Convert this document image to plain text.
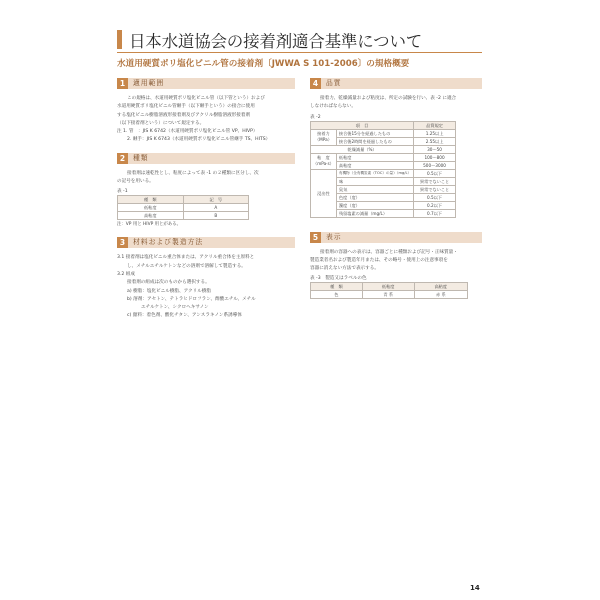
日本水道協会の接着剤適合基準について
水道用硬質ポリ塩化ビニル管の接着剤〔JWWA S 101-2006〕の規格概要
1	適用範囲
この規格は、水道用硬質ポリ塩化ビニル管（以下管という）および
水道用硬質ポリ塩化ビニル管継手（以下継手という）の接合に使用
する塩化ビニル樹脂溶液形接着剤及びアクリル樹脂溶液形接着剤
（以下接着剤という）について規定する。
注 1. 管　：JIS K 6742（水道用硬質ポリ塩化ビニル管 VP、HIVP）
2. 継手：JIS K 6743（水道用硬質ポリ塩化ビニル管継手 TS、HITS）
2	種類
接着剤は速乾性とし、粘度によって表 -1 の２種類に区分し、次
の記号を用いる。
表 -1
種　類	記　号
低粘度	A
高粘度	B
注：VP 用と HIVP 用とがある。
3	材料および製造方法
3.1 接着剤は塩化ビニル重合体または、アクリル重合体を主原料と
し、メチルエチルケトンなどの溶剤で溶解して製造する。
3.2 組成
接着剤の組成は次のものから選択する。
a) 樹脂：塩化ビニル樹脂、アクリル樹脂
b) 溶剤：アセトン、テトラヒドロフラン、酢酸エチル、メチル
エチルケトン、シクロヘキサノン
c) 顔料：着色剤、酸化チタン、アンスラキノン系誘導体
4	品質
接着力、乾燥減量および粘度は、所定の試験を行い、表 -2 に適合
しなければならない。
表 -2
項　目		品質規定
接着力
（MPa）	接合後15分を経過したもの	1.25以上
	接合後2時間を経過したもの	2.55以上
乾燥減量（%）		30〜50
粘　度
（mPa·s）	低粘度	100〜800
	高粘度	500〜3000
浸出性	有機物（全有機炭素（TOC）の量）（mg/L）	0.5以下
	味	異常でないこと
	臭気	異常でないこと
	色度（度）	0.5以下
	濁度（度）	0.2以下
	残留塩素の減量（mg/L）	0.7以下
5	表示
接着剤の容器への表示は、容器ごとに種類および記号・正味質量・
製造業者名および製造年月または、その略号・使用上の注意事項を
容器に消えない方法で表示する。
表 -3　製造又はラベルの色
種　類	低粘度	高粘度
色	青 系	赤 系
14
